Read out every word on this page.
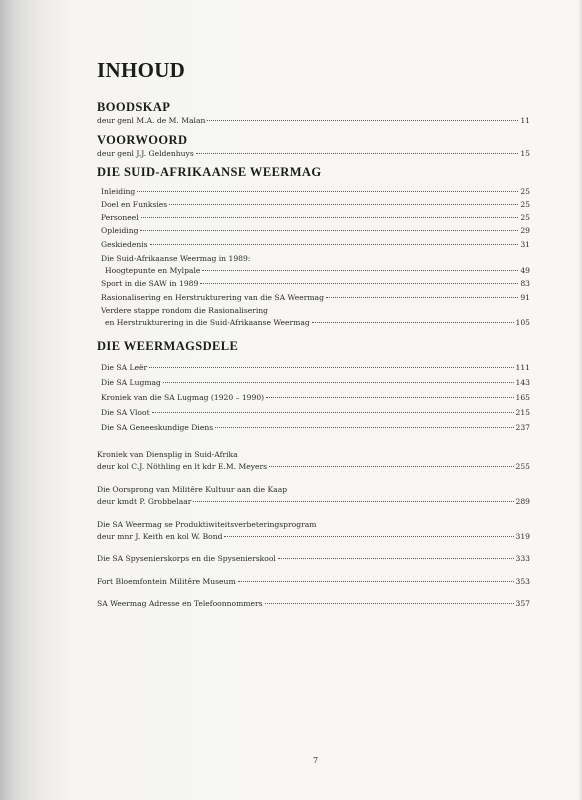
INHOUD
BOODSKAP
deur genl M.A. de M. Malan	11
VOORWOORD
deur genl J.J. Geldenhuys	15
DIE SUID-AFRIKAANSE WEERMAG
Inleiding	25
Doel en Funksies	25
Personeel	25
Opleiding	29
Geskiedenis	31
Die Suid-Afrikaanse Weermag in 1989:
Hoogtepunte en Mylpale	49
Sport in die SAW in 1989	83
Rasionalisering en Herstrukturering van die SA Weermag	91
Verdere stappe rondom die Rasionalisering
en Herstrukturering in die Suid-Afrikaanse Weermag	105
DIE WEERMAGSDELE
Die SA Leër	111
Die SA Lugmag	143
Kroniek van die SA Lugmag (1920 – 1990)	165
Die SA Vloot	215
Die SA Geneeskundige Diens	237
Kroniek van Diensplig in Suid-Afrika
deur kol C.J. Nöthling en lt kdr E.M. Meyers	255
Die Oorsprong van Militêre Kultuur aan die Kaap
deur kmdt P. Grobbelaar	289
Die SA Weermag se Produktiwiteitsverbeteringsprogram
deur mnr J. Keith en kol W. Bond	319
Die SA Spysenierskorps en die Spysenierskool	333
Fort Bloemfontein Militêre Museum	353
SA Weermag Adresse en Telefoonnommers	357
7
